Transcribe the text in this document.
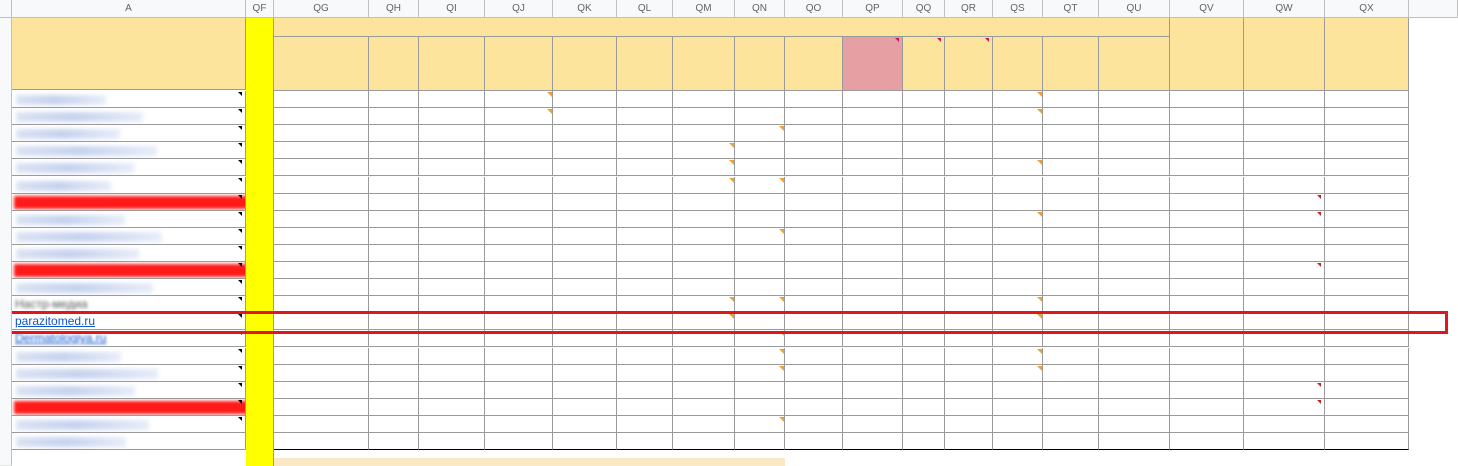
A	QF	QG	QH	QI	QJ	QK	QL	QM	QN	QO	QP	QQ	QR	QS	QT	QU	QV	QW	QX
Настр-медиа
parazitomed.ru
Dermatologiya.ru
